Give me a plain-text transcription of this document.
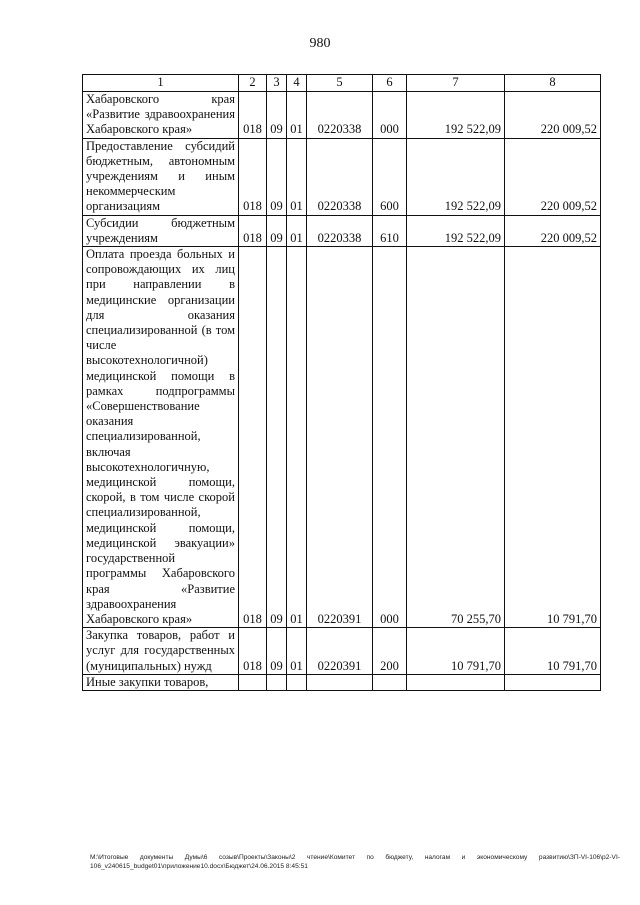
980
1	2	3	4	5	6	7	8
Хабаровского края «Развитие здравоохранения Хабаровского края»	018	09	01	0220338	000	192 522,09	220 009,52
Предоставление субсидий бюджетным, автономным учреждениям и иным некоммерческим организациям	018	09	01	0220338	600	192 522,09	220 009,52
Субсидии бюджетным учреждениям	018	09	01	0220338	610	192 522,09	220 009,52
Оплата проезда больных и сопровождающих их лиц при направлении в медицинские организации для оказания специализированной (в том числе высокотехнологичной) медицинской помощи в рамках подпрограммы «Совершенствование оказания специализированной, включая высокотехнологичную, медицинской помощи, скорой, в том числе скорой специализированной, медицинской помощи, медицинской эвакуации» государственной программы Хабаровского края «Развитие здравоохранения Хабаровского края»	018	09	01	0220391	000	70 255,70	10 791,70
Закупка товаров, работ и услуг для государственных (муниципальных) нужд	018	09	01	0220391	200	10 791,70	10 791,70
Иные закупки товаров,							
М:\Итоговые документы Думы\6 созыв\Проекты\Законы\2 чтение\Комитет по бюджету, налогам и экономическому развитию\ЗП-VI-106\р2-VI-106_v240615_budget01\приложение10.docx\Бюджет\24.06.2015 8:45:51
